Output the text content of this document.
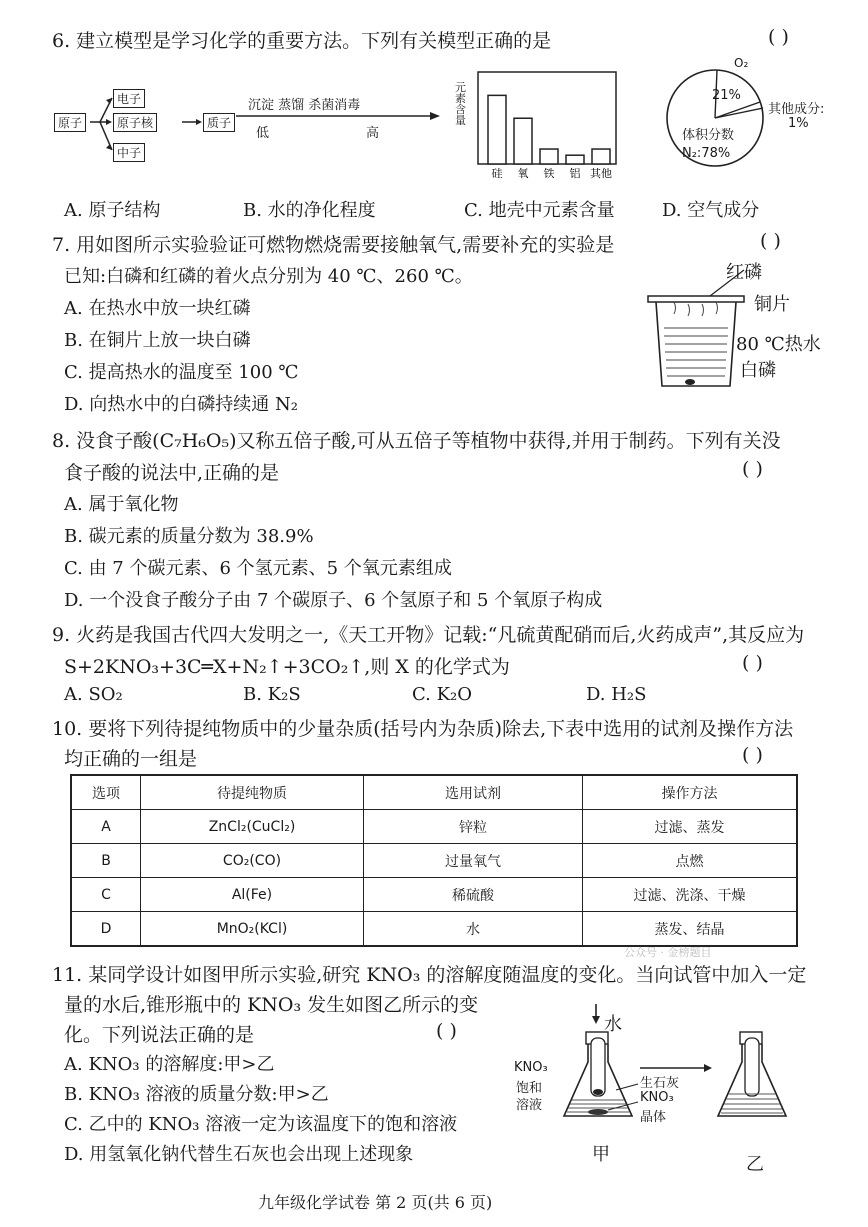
6. 建立模型是学习化学的重要方法。下列有关模型正确的是	( )
原子
电子
原子核
中子
质子
沉淀 蒸馏 杀菌消毒
低	高
元素含量
硅 氧 铁 铝 其他
O₂
21%
其他成分:
1%
体积分数
N₂:78%
A. 原子结构	B. 水的净化程度	C. 地壳中元素含量	D. 空气成分
7. 用如图所示实验验证可燃物燃烧需要接触氧气,需要补充的实验是	( )
已知:白磷和红磷的着火点分别为 40 ℃、260 ℃。
A. 在热水中放一块红磷
B. 在铜片上放一块白磷
C. 提高热水的温度至 100 ℃
D. 向热水中的白磷持续通 N₂
红磷
铜片
80 ℃热水
白磷
8. 没食子酸(C₇H₆O₅)又称五倍子酸,可从五倍子等植物中获得,并用于制药。下列有关没
食子酸的说法中,正确的是	( )
A. 属于氧化物
B. 碳元素的质量分数为 38.9%
C. 由 7 个碳元素、6 个氢元素、5 个氧元素组成
D. 一个没食子酸分子由 7 个碳原子、6 个氢原子和 5 个氧原子构成
9. 火药是我国古代四大发明之一,《天工开物》记载:“凡硫黄配硝而后,火药成声”,其反应为
S+2KNO₃+3C═X+N₂↑+3CO₂↑,则 X 的化学式为	( )
A. SO₂	B. K₂S	C. K₂O	D. H₂S
10. 要将下列待提纯物质中的少量杂质(括号内为杂质)除去,下表中选用的试剂及操作方法
均正确的一组是	( )
选项	待提纯物质	选用试剂	操作方法
A	ZnCl₂(CuCl₂)	锌粒	过滤、蒸发
B	CO₂(CO)	过量氧气	点燃
C	Al(Fe)	稀硫酸	过滤、洗涤、干燥
D	MnO₂(KCl)	水	蒸发、结晶
公众号 · 金榜题目
11. 某同学设计如图甲所示实验,研究 KNO₃ 的溶解度随温度的变化。当向试管中加入一定
量的水后,锥形瓶中的 KNO₃ 发生如图乙所示的变
化。下列说法正确的是	( )
A. KNO₃ 的溶解度:甲>乙
B. KNO₃ 溶液的质量分数:甲>乙
C. 乙中的 KNO₃ 溶液一定为该温度下的饱和溶液
D. 用氢氧化钠代替生石灰也会出现上述现象
水
KNO₃
饱和
溶液
生石灰
KNO₃
晶体
甲	乙
九年级化学试卷 第 2 页(共 6 页)
